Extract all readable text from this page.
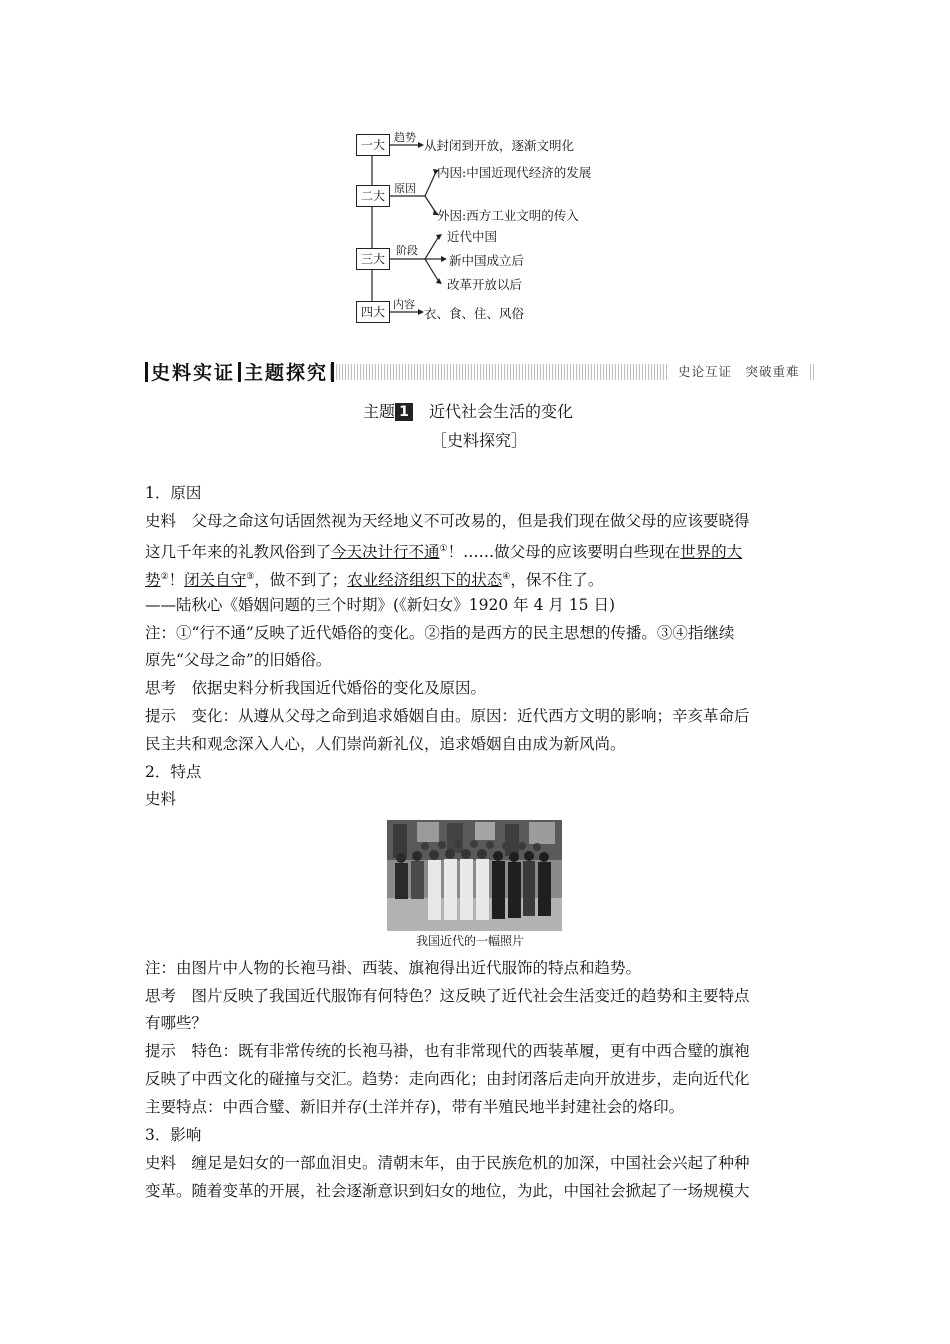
一大
趋势
从封闭到开放，逐渐文明化
二大
原因
内因:中国近现代经济的发展
外因:西方工业文明的传入
三大
阶段
近代中国
新中国成立后
改革开放以后
四大
内容
衣、食、住、风俗
史料实证 主题探究	史论互证　突破重难
主题 1 近代社会生活的变化
［史料探究］
1．原因
史料　父母之命这句话固然视为天经地义不可改易的，但是我们现在做父母的应该要晓得
这几千年来的礼教风俗到了今天决计行不通①！……做父母的应该要明白些现在世界的大
势②！闭关自守③，做不到了；农业经济组织下的状态④，保不住了。
——陆秋心《婚姻问题的三个时期》(《新妇女》1920 年 4 月 15 日)
注：①“行不通”反映了近代婚俗的变化。②指的是西方的民主思想的传播。③④指继续
原先“父母之命”的旧婚俗。
思考　依据史料分析我国近代婚俗的变化及原因。
提示　变化：从遵从父母之命到追求婚姻自由。原因：近代西方文明的影响；辛亥革命后
民主共和观念深入人心，人们崇尚新礼仪，追求婚姻自由成为新风尚。
2．特点
史料
我国近代的一幅照片
注：由图片中人物的长袍马褂、西装、旗袍得出近代服饰的特点和趋势。
思考　图片反映了我国近代服饰有何特色？这反映了近代社会生活变迁的趋势和主要特点
有哪些？
提示　特色：既有非常传统的长袍马褂，也有非常现代的西装革履，更有中西合璧的旗袍
反映了中西文化的碰撞与交汇。趋势：走向西化；由封闭落后走向开放进步，走向近代化
主要特点：中西合璧、新旧并存(土洋并存)，带有半殖民地半封建社会的烙印。
3．影响
史料　缠足是妇女的一部血泪史。清朝末年，由于民族危机的加深，中国社会兴起了种种
变革。随着变革的开展，社会逐渐意识到妇女的地位，为此，中国社会掀起了一场规模大
